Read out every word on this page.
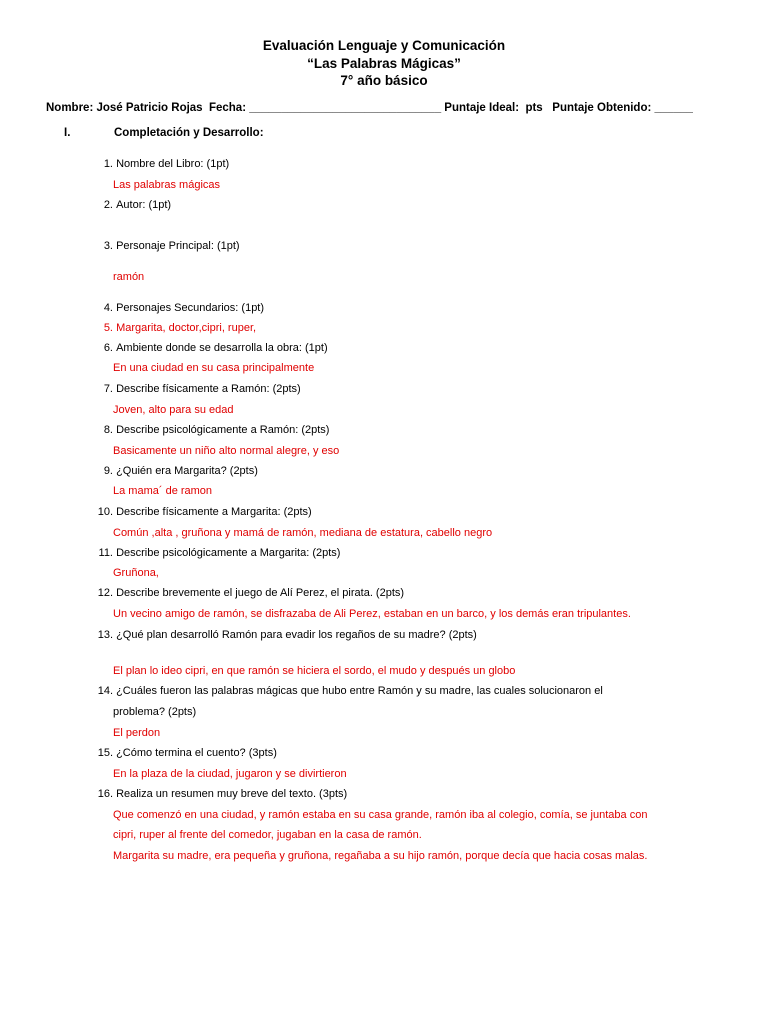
Evaluación Lenguaje y Comunicación
“Las Palabras Mágicas”
7° año básico
Nombre: José Patricio Rojas  Fecha: ______________________________ Puntaje Ideal:  pts   Puntaje Obtenido: ______
I.	Completación y Desarrollo:
1. Nombre del Libro: (1pt)
Las palabras mágicas
2. Autor: (1pt)
3. Personaje Principal: (1pt)
ramón
4. Personajes Secundarios: (1pt)
5. Margarita, doctor,cipri, ruper,
6. Ambiente donde se desarrolla la obra: (1pt)
En una ciudad en su casa principalmente
7. Describe físicamente a Ramón: (2pts)
Joven, alto para su edad
8. Describe psicológicamente a Ramón: (2pts)
Basicamente un niño alto normal alegre, y eso
9. ¿Quién era Margarita? (2pts)
La mama´ de ramon
10. Describe físicamente a Margarita: (2pts)
Común ,alta , gruñona y mamá de ramón, mediana de estatura, cabello negro
11. Describe psicológicamente a Margarita: (2pts)
Gruñona,
12. Describe brevemente el juego de Alí Perez, el pirata. (2pts)
Un vecino amigo de ramón, se disfrazaba de Ali Perez, estaban en un barco, y los demás eran tripulantes.
13. ¿Qué plan desarrolló Ramón para evadir los regaños de su madre? (2pts)
El plan lo ideo cipri, en que ramón se hiciera el sordo, el mudo y después un globo
14. ¿Cuáles fueron las palabras mágicas que hubo entre Ramón y su madre, las cuales solucionaron el
problema? (2pts)
El perdon
15. ¿Cómo termina el cuento? (3pts)
En la plaza de la ciudad, jugaron y se divirtieron
16. Realiza un resumen muy breve del texto. (3pts)
Que comenzó en una ciudad, y ramón estaba en su casa grande, ramón iba al colegio, comía, se juntaba con
cipri, ruper al frente del comedor, jugaban en la casa de ramón.
Margarita su madre, era pequeña y gruñona, regañaba a su hijo ramón, porque decía que hacia cosas malas.
